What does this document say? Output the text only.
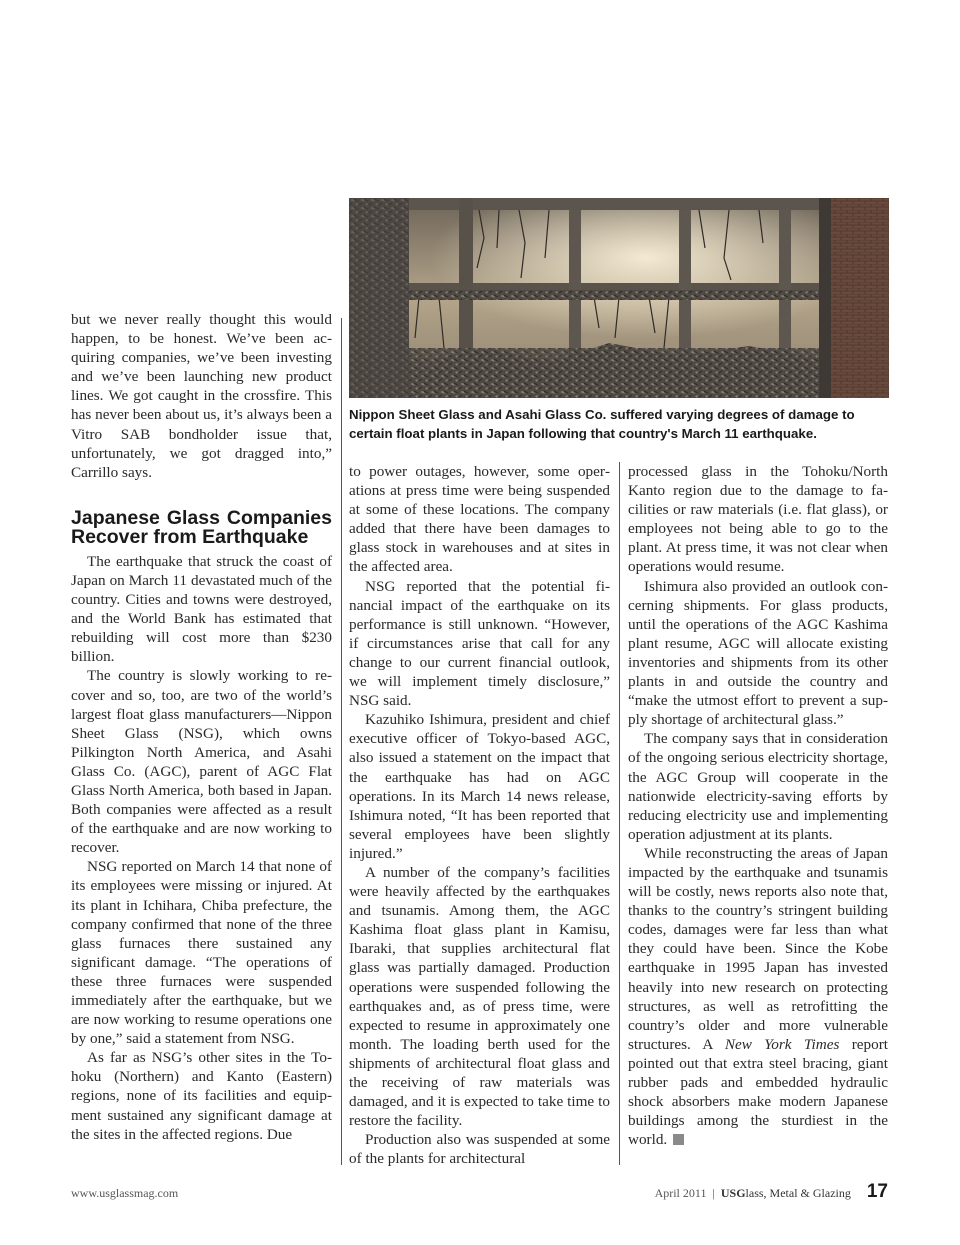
Nippon Sheet Glass and Asahi Glass Co. suffered varying degrees of damage to certain float plants in Japan following that country's March 11 earthquake.

but we never really thought this would happen, to be honest. We’ve been acquiring companies, we’ve been investing and we’ve been launching new product lines. We got caught in the crossfire. This has never been about us, it’s always been a Vitro SAB bondholder issue that, unfortunately, we got dragged into,” Carrillo says.

Japanese Glass Companies Recover from Earthquake

The earthquake that struck the coast of Japan on March 11 devastated much of the country. Cities and towns were destroyed, and the World Bank has estimated that rebuilding will cost more than $230 billion.

The country is slowly working to recover and so, too, are two of the world’s largest float glass manufacturers—Nippon Sheet Glass (NSG), which owns Pilkington North America, and Asahi Glass Co. (AGC), parent of AGC Flat Glass North America, both based in Japan. Both companies were affected as a result of the earthquake and are now working to recover.

NSG reported on March 14 that none of its employees were missing or injured. At its plant in Ichihara, Chiba prefecture, the company confirmed that none of the three glass furnaces there sustained any significant damage. “The operations of these three furnaces were suspended immediately after the earthquake, but we are now working to resume operations one by one,” said a statement from NSG.

As far as NSG’s other sites in the Tohoku (Northern) and Kanto (Eastern) regions, none of its facilities and equipment sustained any significant damage at the sites in the affected regions. Due

to power outages, however, some operations at press time were being suspended at some of these locations. The company added that there have been damages to glass stock in warehouses and at sites in the affected area.

NSG reported that the potential financial impact of the earthquake on its performance is still unknown. “However, if circumstances arise that call for any change to our current financial outlook, we will implement timely disclosure,” NSG said.

Kazuhiko Ishimura, president and chief executive officer of Tokyo-based AGC, also issued a statement on the impact that the earthquake has had on AGC operations. In its March 14 news release, Ishimura noted, “It has been reported that several employees have been slightly injured.”

A number of the company’s facilities were heavily affected by the earthquakes and tsunamis. Among them, the AGC Kashima float glass plant in Kamisu, Ibaraki, that supplies architectural flat glass was partially damaged. Production operations were suspended following the earthquakes and, as of press time, were expected to resume in approximately one month. The loading berth used for the shipments of architectural float glass and the receiving of raw materials was damaged, and it is expected to take time to restore the facility.

Production also was suspended at some of the plants for architectural

processed glass in the Tohoku/North Kanto region due to the damage to facilities or raw materials (i.e. flat glass), or employees not being able to go to the plant. At press time, it was not clear when operations would resume.

Ishimura also provided an outlook concerning shipments. For glass products, until the operations of the AGC Kashima plant resume, AGC will allocate existing inventories and shipments from its other plants in and outside the country and “make the utmost effort to prevent a supply shortage of architectural glass.”

The company says that in consideration of the ongoing serious electricity shortage, the AGC Group will cooperate in the nationwide electricity-saving efforts by reducing electricity use and implementing operation adjustment at its plants.

While reconstructing the areas of Japan impacted by the earthquake and tsunamis will be costly, news reports also note that, thanks to the country’s stringent building codes, damages were far less than what they could have been. Since the Kobe earthquake in 1995 Japan has invested heavily into new research on protecting structures, as well as retrofitting the country’s older and more vulnerable structures. A New York Times report pointed out that extra steel bracing, giant rubber pads and embedded hydraulic shock absorbers make modern Japanese buildings among the sturdiest in the world.

www.usglassmag.com	April 2011 | USGlass, Metal & Glazing 17
